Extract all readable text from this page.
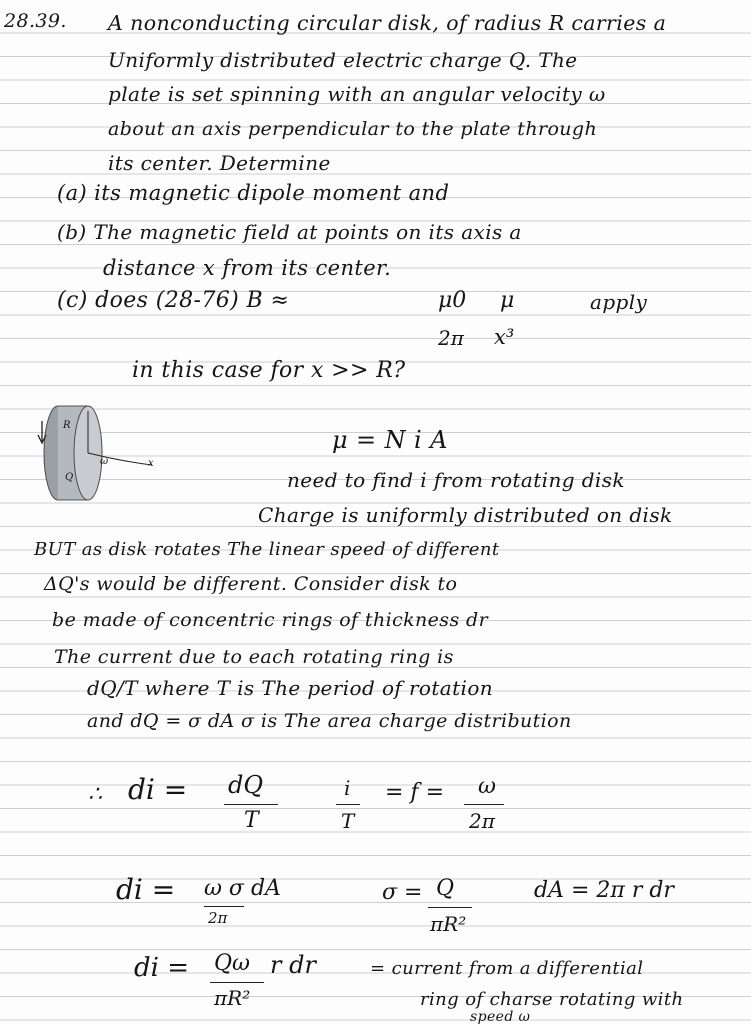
28.39. A nonconducting circular disk, of radius R carries a
Uniformly distributed electric charge Q. The
plate is set spinning with an angular velocity ω
about an axis perpendicular to the plate through
its center. Determine
(a) its magnetic dipole moment and
(b) The magnetic field at points on its axis a
distance x from its center.
(c) does (28-76) B ≈	μ0
2π
μ
x³
apply
in this case for x >> R?
R
Q
ω	x
μ = N i A
need to find i from rotating disk
Charge is uniformly distributed on disk
BUT as disk rotates The linear speed of different
ΔQ's would be different. Consider disk to
be made of concentric rings of thickness dr
The current due to each rotating ring is
dQ/T where T is The period of rotation
and dQ = σ dA σ is The area charge distribution
∴ di = dQ
T
i
T
= f = ω
2π
di = ω σ dA
2π
σ = Q
πR²
dA = 2π r dr
di = Qω r dr
πR²
= current from a differential
ring of charse rotating with
speed ω
